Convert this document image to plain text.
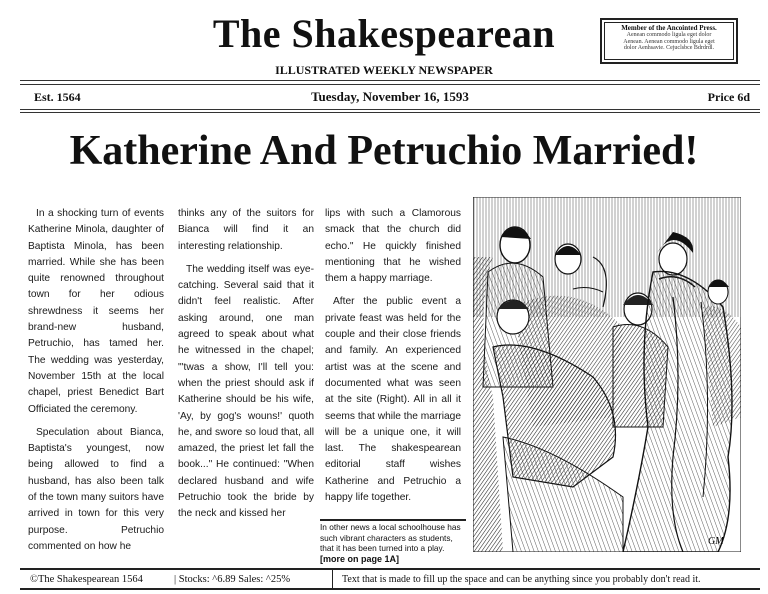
The Shakespearean
ILLUSTRATED WEEKLY NEWSPAPER
Member of the Ancointed Press.
Aenean commodo ligula eget dolor
Aenean. Aenean commodo ligula eget
dolor Aenhsavie. Cejuclsbce Bdrdrdl.
Est. 1564	Tuesday, November 16, 1593	Price 6d
Katherine And Petruchio Married!

In a shocking turn of events Katherine Minola, daughter of Baptista Minola, has been married. While she has been quite renowned throughout town for her odious shrewdness it seems her brand-new husband, Petruchio, has tamed her. The wedding was yesterday, November 15th at the local chapel, priest Benedict Bart Officiated the ceremony.

Speculation about Bianca, Baptista's youngest, now being allowed to find a husband, has also been talk of the town many suitors have arrived in town for this very purpose. Petruchio commented on how he

thinks any of the suitors for Bianca will find it an interesting relationship.

The wedding itself was eye-catching. Several said that it didn't feel realistic. After asking around, one man agreed to speak about what he witnessed in the chapel; "'twas a show, I'll tell you: when the priest should ask if Katherine should be his wife, 'Ay, by gog's wouns!' quoth he, and swore so loud that, all amazed, the priest let fall the book..." He continued: "When declared husband and wife Petruchio took the bride by the neck and kissed her

lips with such a Clamorous smack that the church did echo." He quickly finished mentioning that he wished them a happy marriage.

After the public event a private feast was held for the couple and their close friends and family. An experienced artist was at the scene and documented what was seen at the site (Right). All in all it seems that while the marriage will be a unique one, it will last. The shakespearean editorial staff wishes Katherine and Petruchio a happy life together.

In other news a local schoolhouse has such vibrant characters as students, that it has been turned into a play. [more on page 1A]
GM
©The Shakespearean 1564	| Stocks: ^6.89 Sales: ^25%	Text that is made to fill up the space and can be anything since you probably don't read it.
